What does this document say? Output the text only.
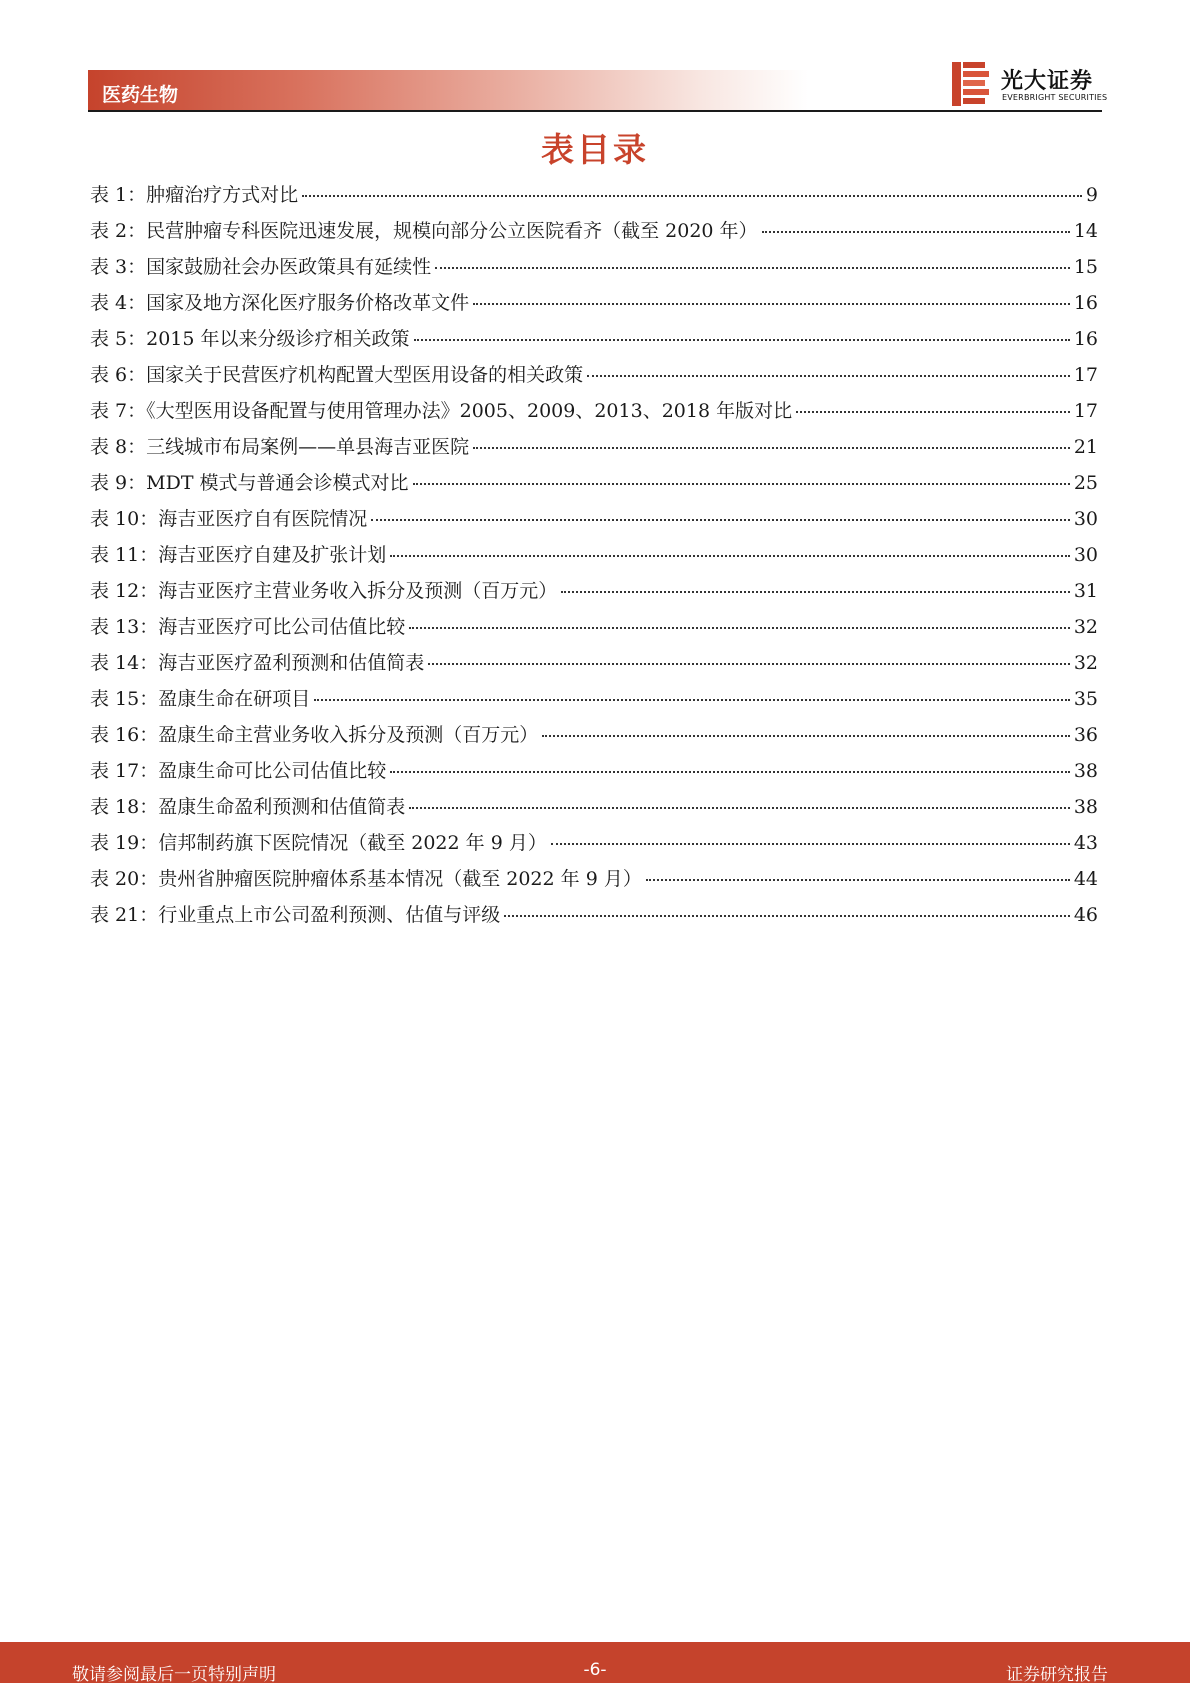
医药生物
光大证券
EVERBRIGHT SECURITIES
表目录
表 1：肿瘤治疗方式对比	9
表 2：民营肿瘤专科医院迅速发展，规模向部分公立医院看齐（截至 2020 年）	14
表 3：国家鼓励社会办医政策具有延续性	15
表 4：国家及地方深化医疗服务价格改革文件	16
表 5：2015 年以来分级诊疗相关政策	16
表 6：国家关于民营医疗机构配置大型医用设备的相关政策	17
表 7：《大型医用设备配置与使用管理办法》2005、2009、2013、2018 年版对比	17
表 8：三线城市布局案例——单县海吉亚医院	21
表 9：MDT 模式与普通会诊模式对比	25
表 10：海吉亚医疗自有医院情况	30
表 11：海吉亚医疗自建及扩张计划	30
表 12：海吉亚医疗主营业务收入拆分及预测（百万元）	31
表 13：海吉亚医疗可比公司估值比较	32
表 14：海吉亚医疗盈利预测和估值简表	32
表 15：盈康生命在研项目	35
表 16：盈康生命主营业务收入拆分及预测（百万元）	36
表 17：盈康生命可比公司估值比较	38
表 18：盈康生命盈利预测和估值简表	38
表 19：信邦制药旗下医院情况（截至 2022 年 9 月）	43
表 20：贵州省肿瘤医院肿瘤体系基本情况（截至 2022 年 9 月）	44
表 21：行业重点上市公司盈利预测、估值与评级	46
敬请参阅最后一页特别声明	-6-	证券研究报告
